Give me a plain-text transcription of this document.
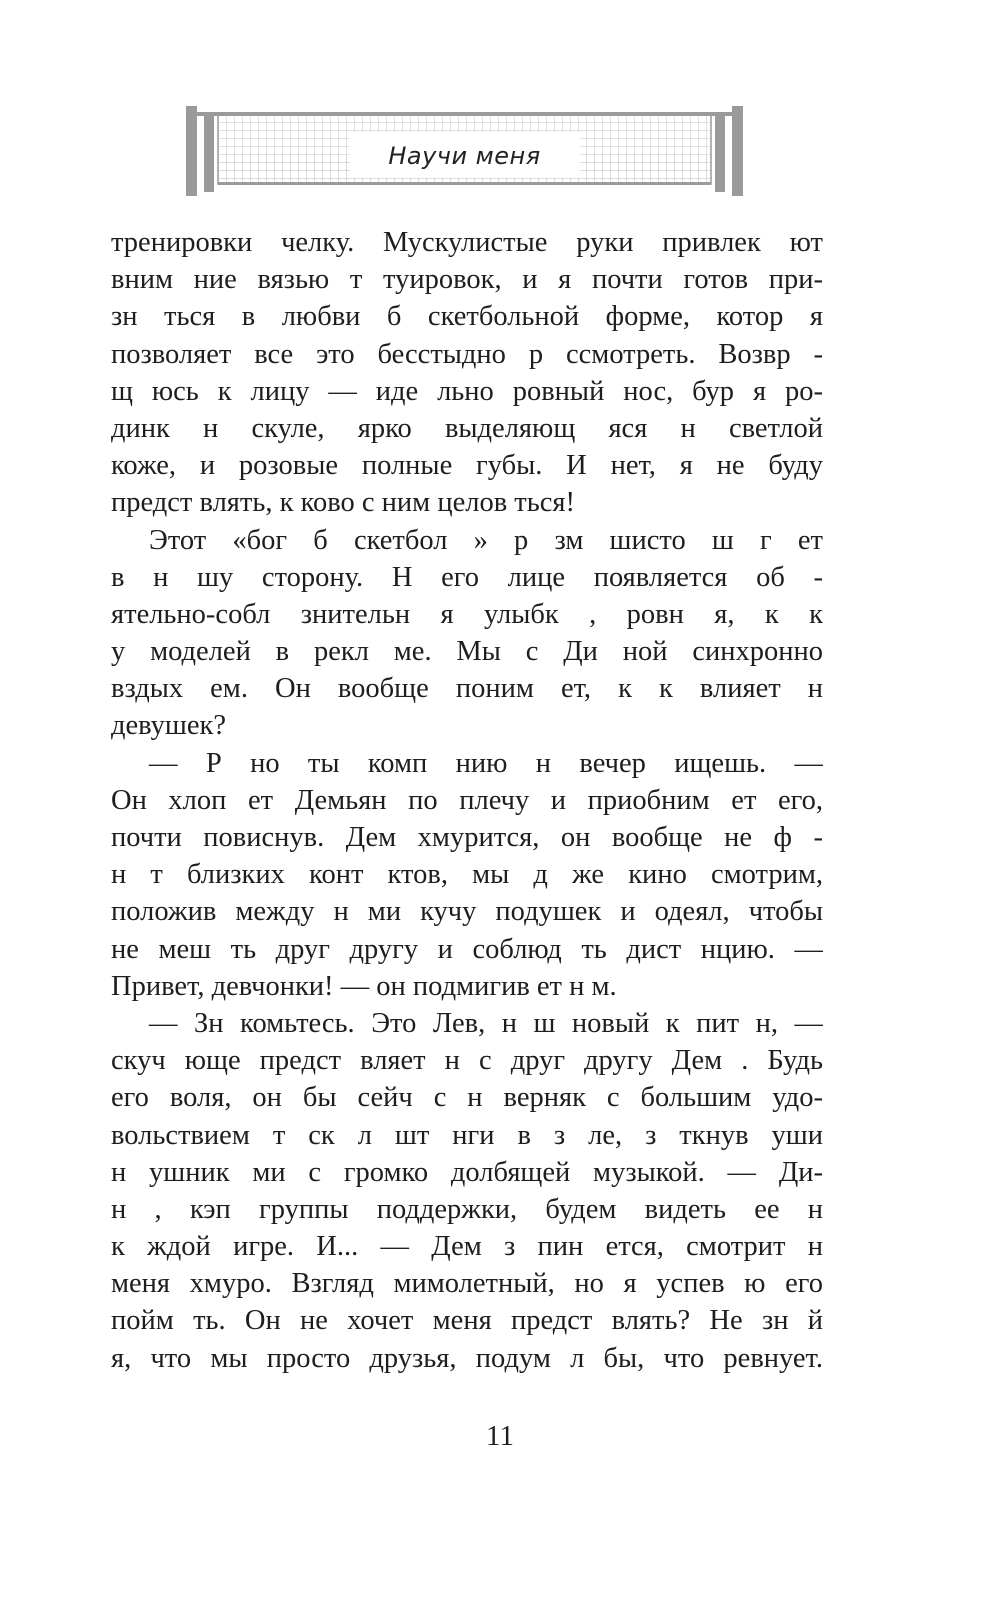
Научи меня
тренировки челку. Мускулистые руки привлек ют
вним ние вязью т туировок, и я почти готов при-
зн ться в любви б скетбольной форме, котор я
позволяет все это бесстыдно р ссмотреть. Возвр -
щ юсь к лицу — иде льно ровный нос, бур я ро-
динк н скуле, ярко выделяющ яся н светлой
коже, и розовые полные губы. И нет, я не буду
предст влять, к ково с ним целов ться!
Этот «бог б скетбол » р зм шисто ш г ет
в н шу сторону. Н его лице появляется об -
ятельно-собл знительн я улыбк , ровн я, к к
у моделей в рекл ме. Мы с Ди ной синхронно
вздых ем. Он вообще поним ет, к к влияет н
девушек?
— Р но ты комп нию н вечер ищешь. —
Он хлоп ет Демьян по плечу и приобним ет его,
почти повиснув. Дем хмурится, он вообще не ф -
н т близких конт ктов, мы д же кино смотрим,
положив между н ми кучу подушек и одеял, чтобы
не меш ть друг другу и соблюд ть дист нцию. —
Привет, девчонки! — он подмигив ет н м.
— Зн комьтесь. Это Лев, н ш новый к пит н, —
скуч юще предст вляет н с друг другу Дем . Будь
его воля, он бы сейч с н верняк с большим удо-
вольствием т ск л шт нги в з ле, з ткнув уши
н ушник ми с громко долбящей музыкой. — Ди-
н , кэп группы поддержки, будем видеть ее н
к ждой игре. И... — Дем з пин ется, смотрит н
меня хмуро. Взгляд мимолетный, но я успев ю его
пойм ть. Он не хочет меня предст влять? Не зн й
я, что мы просто друзья, подум л бы, что ревнует.
11
